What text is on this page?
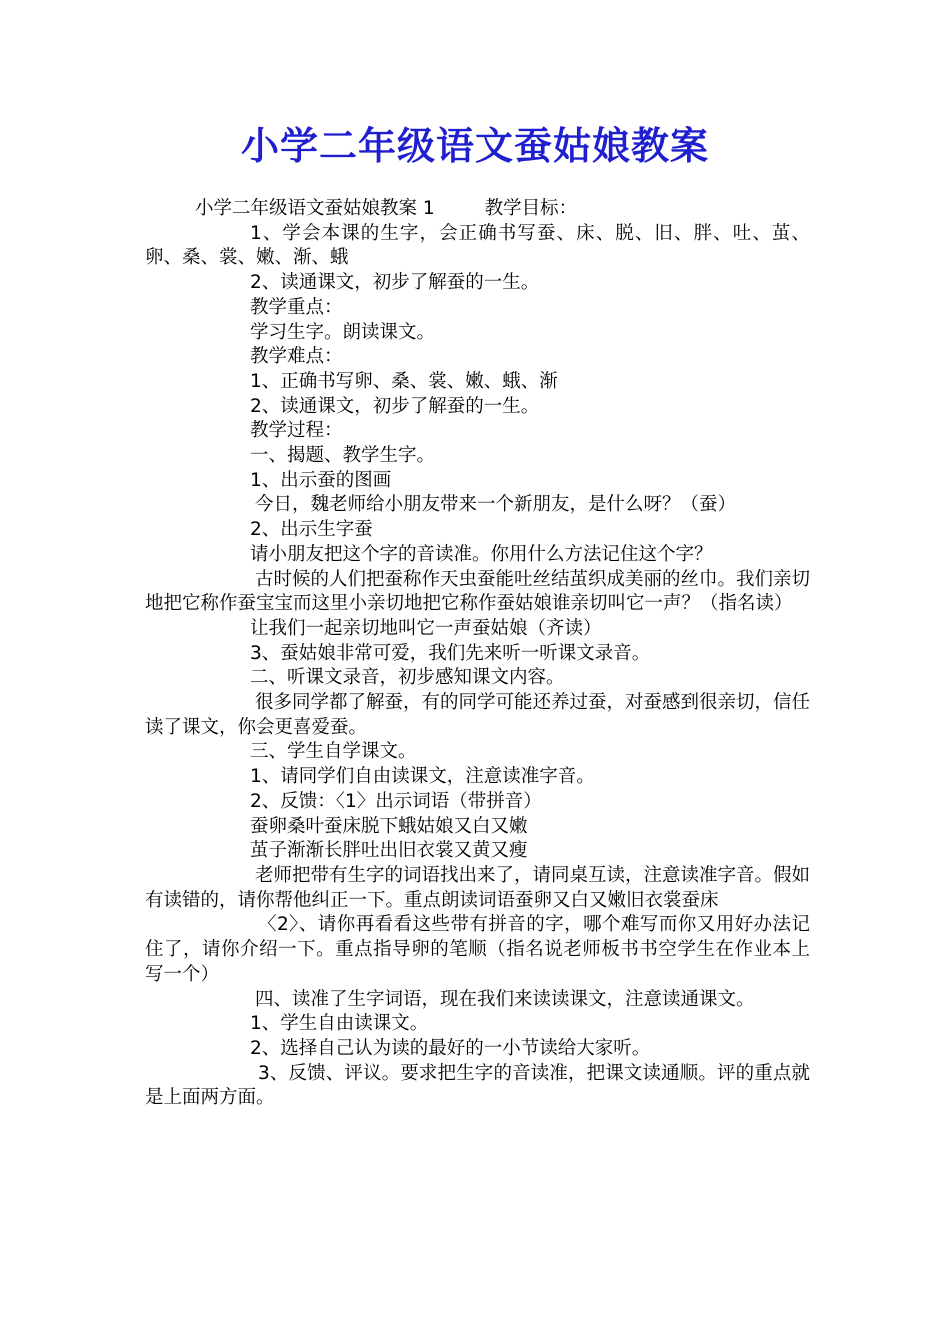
小学二年级语文蚕姑娘教案

小学二年级语文蚕姑娘教案 1	教学目标：

1、学会本课的生字，会正确书写蚕、床、脱、旧、胖、吐、茧、卵、桑、裳、嫩、渐、蛾

2、读通课文，初步了解蚕的一生。

教学重点：

学习生字。朗读课文。

教学难点：

1、正确书写卵、桑、裳、嫩、蛾、渐

2、读通课文，初步了解蚕的一生。

教学过程：

一、揭题、教学生字。

1、出示蚕的图画

今日，魏老师给小朋友带来一个新朋友，是什么呀？（蚕）

2、出示生字蚕

请小朋友把这个字的音读准。你用什么方法记住这个字？

古时候的人们把蚕称作天虫蚕能吐丝结茧织成美丽的丝巾。我们亲切地把它称作蚕宝宝而这里小亲切地把它称作蚕姑娘谁亲切叫它一声？（指名读）

让我们一起亲切地叫它一声蚕姑娘（齐读）

3、蚕姑娘非常可爱，我们先来听一听课文录音。

二、听课文录音，初步感知课文内容。

很多同学都了解蚕，有的同学可能还养过蚕，对蚕感到很亲切，信任读了课文，你会更喜爱蚕。

三、学生自学课文。

1、请同学们自由读课文，注意读准字音。

2、反馈：〈1〉出示词语（带拼音）

蚕卵桑叶蚕床脱下蛾姑娘又白又嫩

茧子渐渐长胖吐出旧衣裳又黄又瘦

老师把带有生字的词语找出来了，请同桌互读，注意读准字音。假如有读错的，请你帮他纠正一下。重点朗读词语蚕卵又白又嫩旧衣裳蚕床

〈2〉、请你再看看这些带有拼音的字，哪个难写而你又用好办法记住了，请你介绍一下。重点指导卵的笔顺（指名说老师板书书空学生在作业本上写一个）

四、读准了生字词语，现在我们来读读课文，注意读通课文。

1、学生自由读课文。

2、选择自己认为读的最好的一小节读给大家听。

3、反馈、评议。要求把生字的音读准，把课文读通顺。评的重点就是上面两方面。
